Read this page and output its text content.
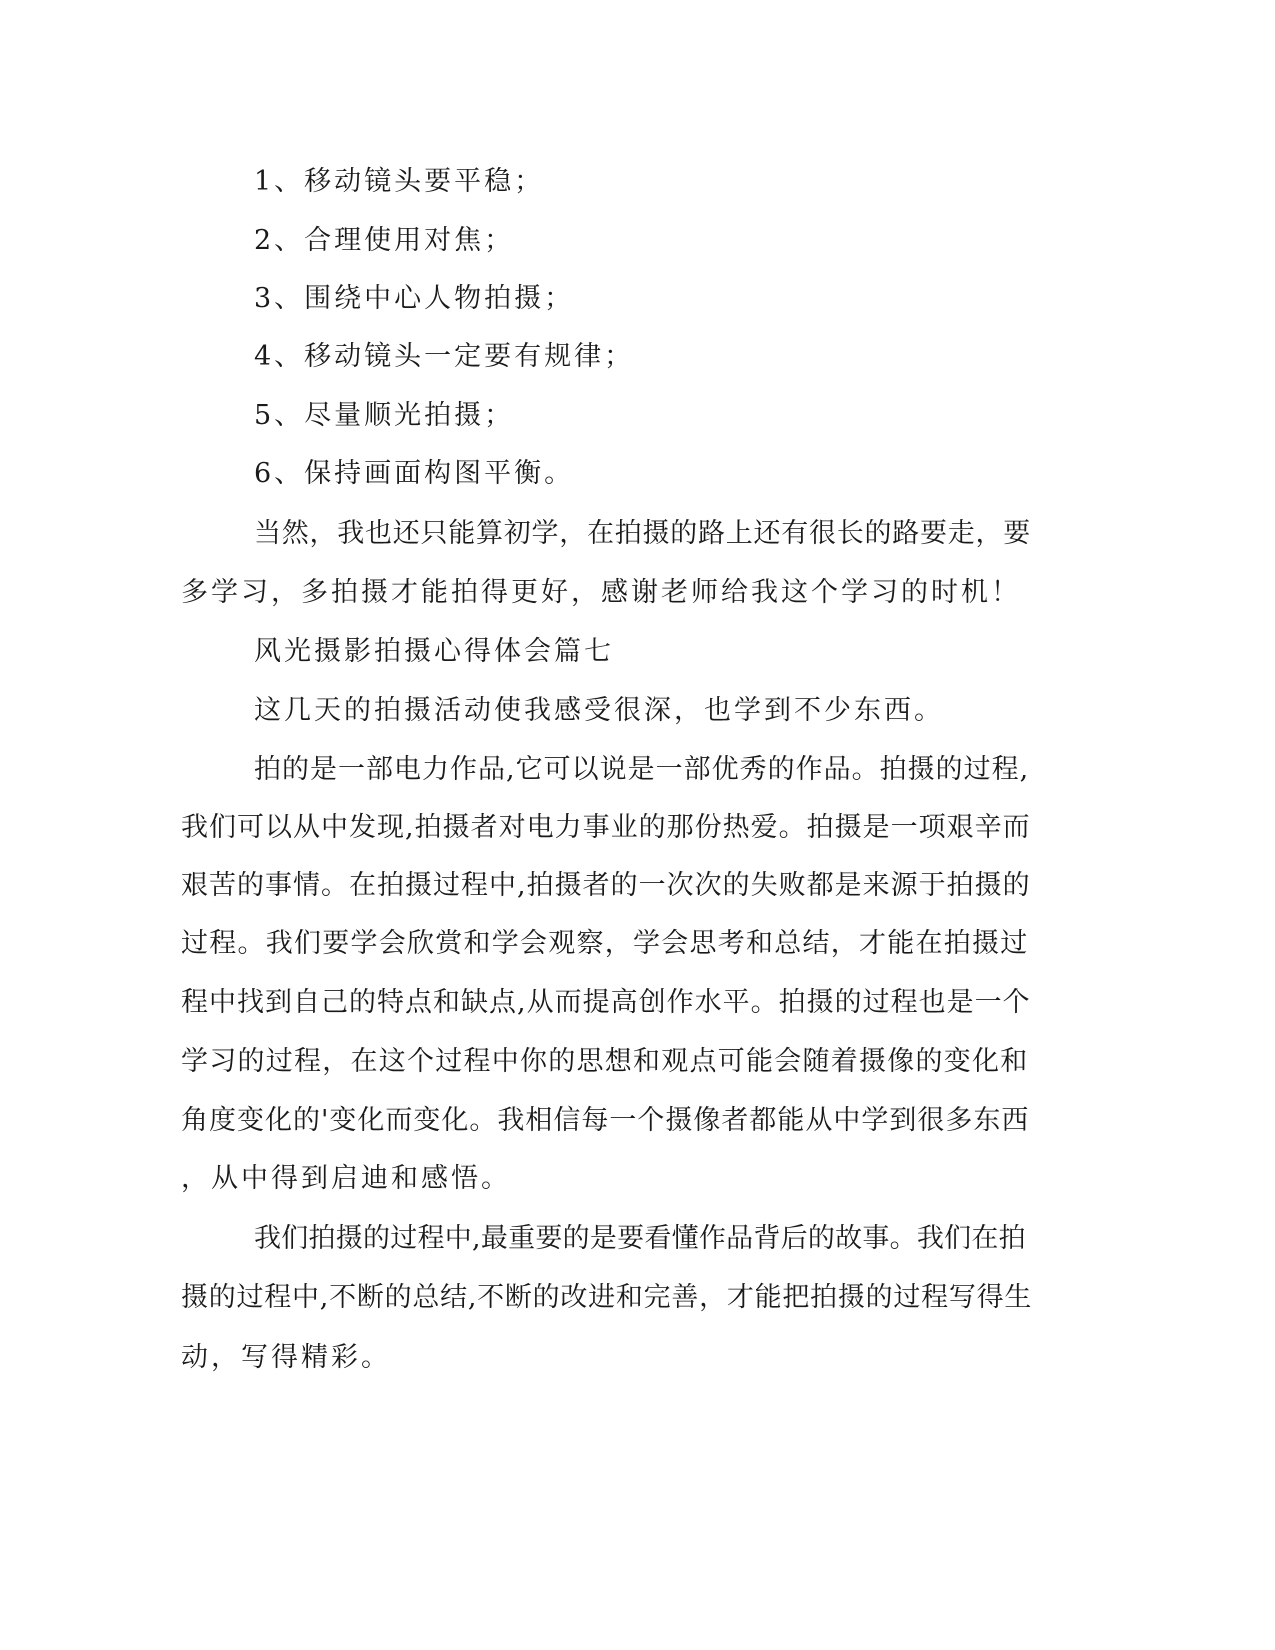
1、移动镜头要平稳；

2、合理使用对焦；

3、围绕中心人物拍摄；

4、移动镜头一定要有规律；

5、尽量顺光拍摄；

6、保持画面构图平衡。

当然，我也还只能算初学，在拍摄的路上还有很长的路要走，要

多学习，多拍摄才能拍得更好，感谢老师给我这个学习的时机！

风光摄影拍摄心得体会篇七

这几天的拍摄活动使我感受很深，也学到不少东西。

拍的是一部电力作品,它可以说是一部优秀的作品。拍摄的过程,

我们可以从中发现,拍摄者对电力事业的那份热爱。拍摄是一项艰辛而

艰苦的事情。在拍摄过程中,拍摄者的一次次的失败都是来源于拍摄的

过程。我们要学会欣赏和学会观察，学会思考和总结，才能在拍摄过

程中找到自己的特点和缺点,从而提高创作水平。拍摄的过程也是一个

学习的过程，在这个过程中你的思想和观点可能会随着摄像的变化和

角度变化的'变化而变化。我相信每一个摄像者都能从中学到很多东西

，从中得到启迪和感悟。

我们拍摄的过程中,最重要的是要看懂作品背后的故事。我们在拍

摄的过程中,不断的总结,不断的改进和完善，才能把拍摄的过程写得生

动，写得精彩。
